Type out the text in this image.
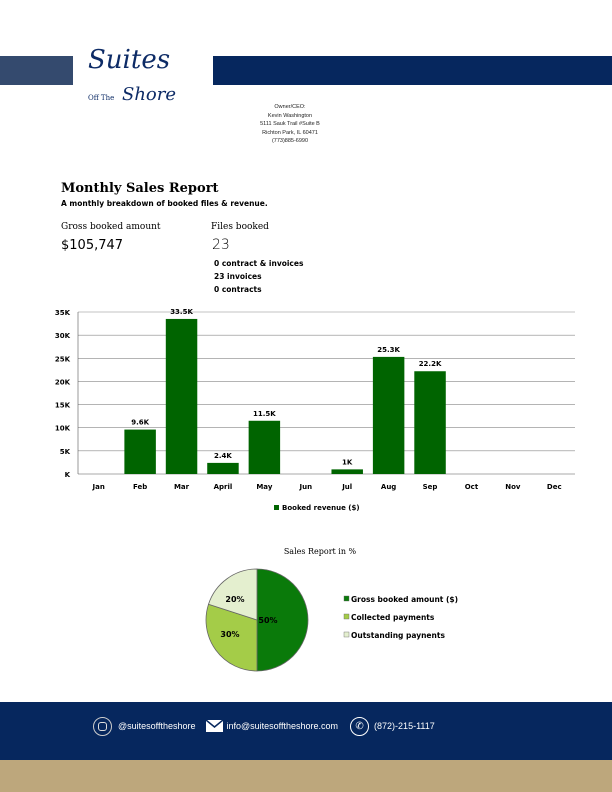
Suites
Off The Shore
Owner/CEO:
Kevin Washington
5111 Sauk Trail #Suite B
Richton Park, IL 60471
(773)885-6990
Monthly Sales Report
A monthly breakdown of booked files & revenue.
Gross booked amount
$105,747
Files booked
23
0 contract & invoices
23 invoices
0 contracts
K
5K
10K
15K
20K
25K
30K
35K
Jan	Feb
9.6K
Mar
33.5K
April
2.4K
May
11.5K
Jun	Jul
1K
Aug
25.3K
Sep
22.2K
Oct	Nov	Dec
Booked revenue ($)
Sales Report in %
50%
Gross booked amount ($)
30%
Collected payments
20%
Outstanding paynents
@suitesofftheshore	info@suitesofftheshore.com	✆	(872)-215-1117
